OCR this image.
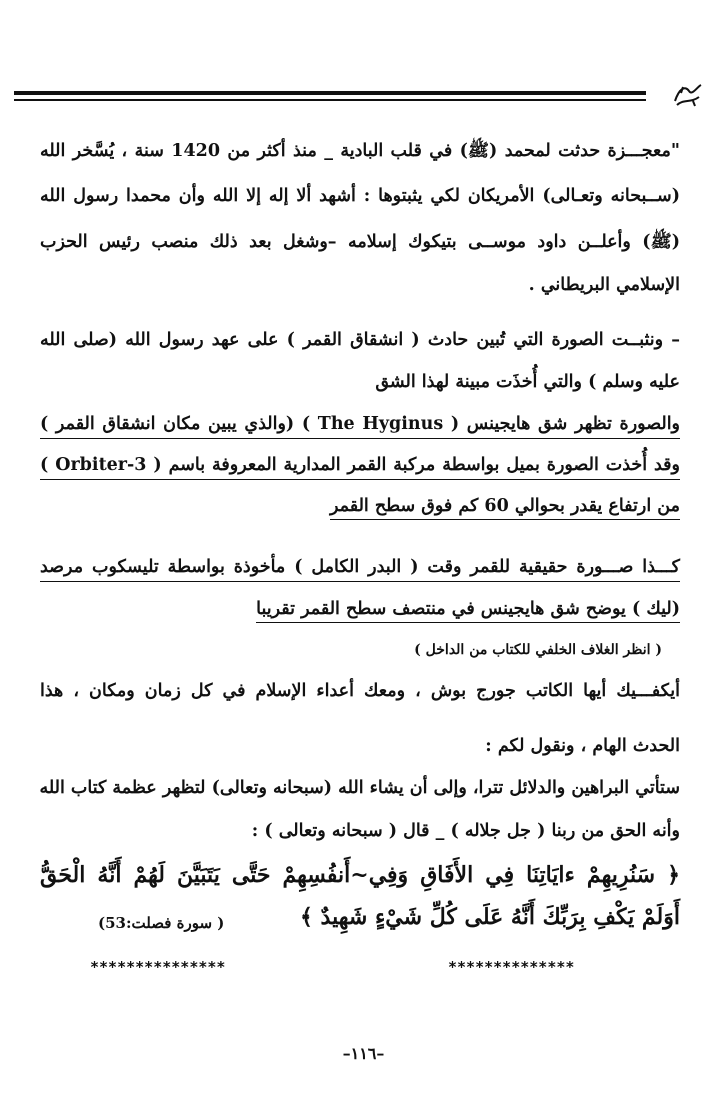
"معجـــزة حدثت لمحمد (ﷺ) في قلب البادية _ منذ أكثر من 1420 سنة ، يُسَّخر الله
(ســبحانه وتعـالى) الأمريكان لكي يثبتوها : أشهد ألا إله إلا الله وأن محمدا رسول الله
(ﷺ) وأعلــن داود موســى بتيكوك إسلامه –وشغل بعد ذلك منصب رئيس الحزب
الإسلامي البريطاني .
– ونثبــت الصورة التي تُبين حادث ( انشقاق القمر ) على عهد رسول الله (صلى الله
عليه وسلم ) والتي أُخذَت مبينة لهذا الشق
والصورة تظهر شق هايجينس ( The Hyginus ) (والذي يبين مكان انشقاق القمر )
وقد أُخذت الصورة بميل بواسطة مركبة القمر المدارية المعروفة باسم ( Orbiter-3 )
من ارتفاع يقدر بحوالي 60 كم فوق سطح القمر
كـــذا صـــورة حقيقية للقمر وقت ( البدر الكامل ) مأخوذة بواسطة تليسكوب مرصد
(ليك ) يوضح شق هايجينس في منتصف سطح القمر تقريبا
( انظر الغلاف الخلفي للكتاب من الداخل )
أيكفـــيك أيها الكاتب جورج بوش ، ومعك أعداء الإسلام في كل زمان ومكان ، هذا
الحدث الهام ، ونقول لكم :
ستأتي البراهين والدلائل تترا، وإلى أن يشاء الله (سبحانه وتعالى) لتظهر عظمة كتاب الله
وأنه الحق من ربنا ( جل جلاله ) _ قال ( سبحانه وتعالى ) :
﴿ سَنُرِيهِمْ ءايَاتِنَا فِي الأَفَاقِ وَفِي~أَنفُسِهِمْ حَتَّى يَتَبَيَّنَ لَهُمْ أَنَّهُ الْحَقُّ
أَوَلَمْ يَكْفِ بِرَبِّكَ أَنَّهُ عَلَى كُلِّ شَيْءٍ شَهِيدٌ ﴾
( سورة فصلت:53)
***************	**************
–١١٦–
